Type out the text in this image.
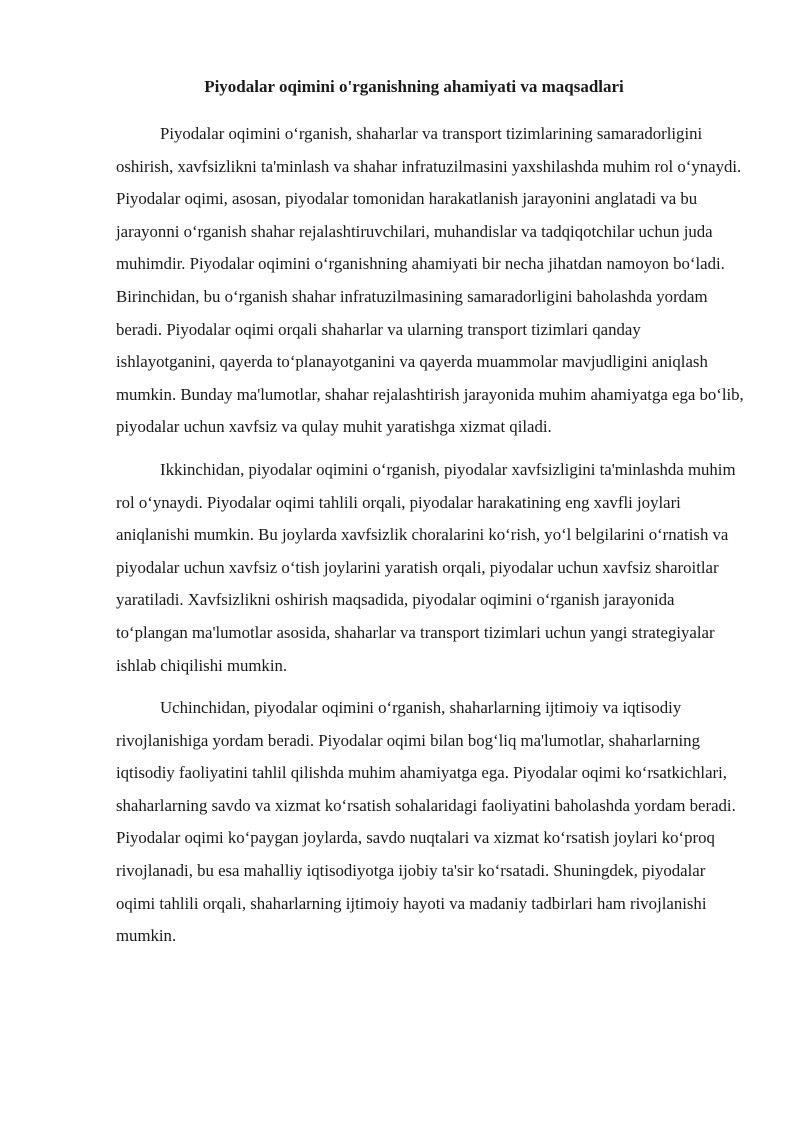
Piyodalar oqimini o'rganishning ahamiyati va maqsadlari

Piyodalar oqimini o‘rganish, shaharlar va transport tizimlarining samaradorligini oshirish, xavfsizlikni ta'minlash va shahar infratuzilmasini yaxshilashda muhim rol o‘ynaydi. Piyodalar oqimi, asosan, piyodalar tomonidan harakatlanish jarayonini anglatadi va bu jarayonni o‘rganish shahar rejalashtiruvchilari, muhandislar va tadqiqotchilar uchun juda muhimdir. Piyodalar oqimini o‘rganishning ahamiyati bir necha jihatdan namoyon bo‘ladi. Birinchidan, bu o‘rganish shahar infratuzilmasining samaradorligini baholashda yordam beradi. Piyodalar oqimi orqali shaharlar va ularning transport tizimlari qanday ishlayotganini, qayerda to‘planayotganini va qayerda muammolar mavjudligini aniqlash mumkin. Bunday ma'lumotlar, shahar rejalashtirish jarayonida muhim ahamiyatga ega bo‘lib, piyodalar uchun xavfsiz va qulay muhit yaratishga xizmat qiladi.

Ikkinchidan, piyodalar oqimini o‘rganish, piyodalar xavfsizligini ta'minlashda muhim rol o‘ynaydi. Piyodalar oqimi tahlili orqali, piyodalar harakatining eng xavfli joylari aniqlanishi mumkin. Bu joylarda xavfsizlik choralarini ko‘rish, yo‘l belgilarini o‘rnatish va piyodalar uchun xavfsiz o‘tish joylarini yaratish orqali, piyodalar uchun xavfsiz sharoitlar yaratiladi. Xavfsizlikni oshirish maqsadida, piyodalar oqimini o‘rganish jarayonida to‘plangan ma'lumotlar asosida, shaharlar va transport tizimlari uchun yangi strategiyalar ishlab chiqilishi mumkin.

Uchinchidan, piyodalar oqimini o‘rganish, shaharlarning ijtimoiy va iqtisodiy rivojlanishiga yordam beradi. Piyodalar oqimi bilan bog‘liq ma'lumotlar, shaharlarning iqtisodiy faoliyatini tahlil qilishda muhim ahamiyatga ega. Piyodalar oqimi ko‘rsatkichlari, shaharlarning savdo va xizmat ko‘rsatish sohalaridagi faoliyatini baholashda yordam beradi. Piyodalar oqimi ko‘paygan joylarda, savdo nuqtalari va xizmat ko‘rsatish joylari ko‘proq rivojlanadi, bu esa mahalliy iqtisodiyotga ijobiy ta'sir ko‘rsatadi. Shuningdek, piyodalar oqimi tahlili orqali, shaharlarning ijtimoiy hayoti va madaniy tadbirlari ham rivojlanishi mumkin.
